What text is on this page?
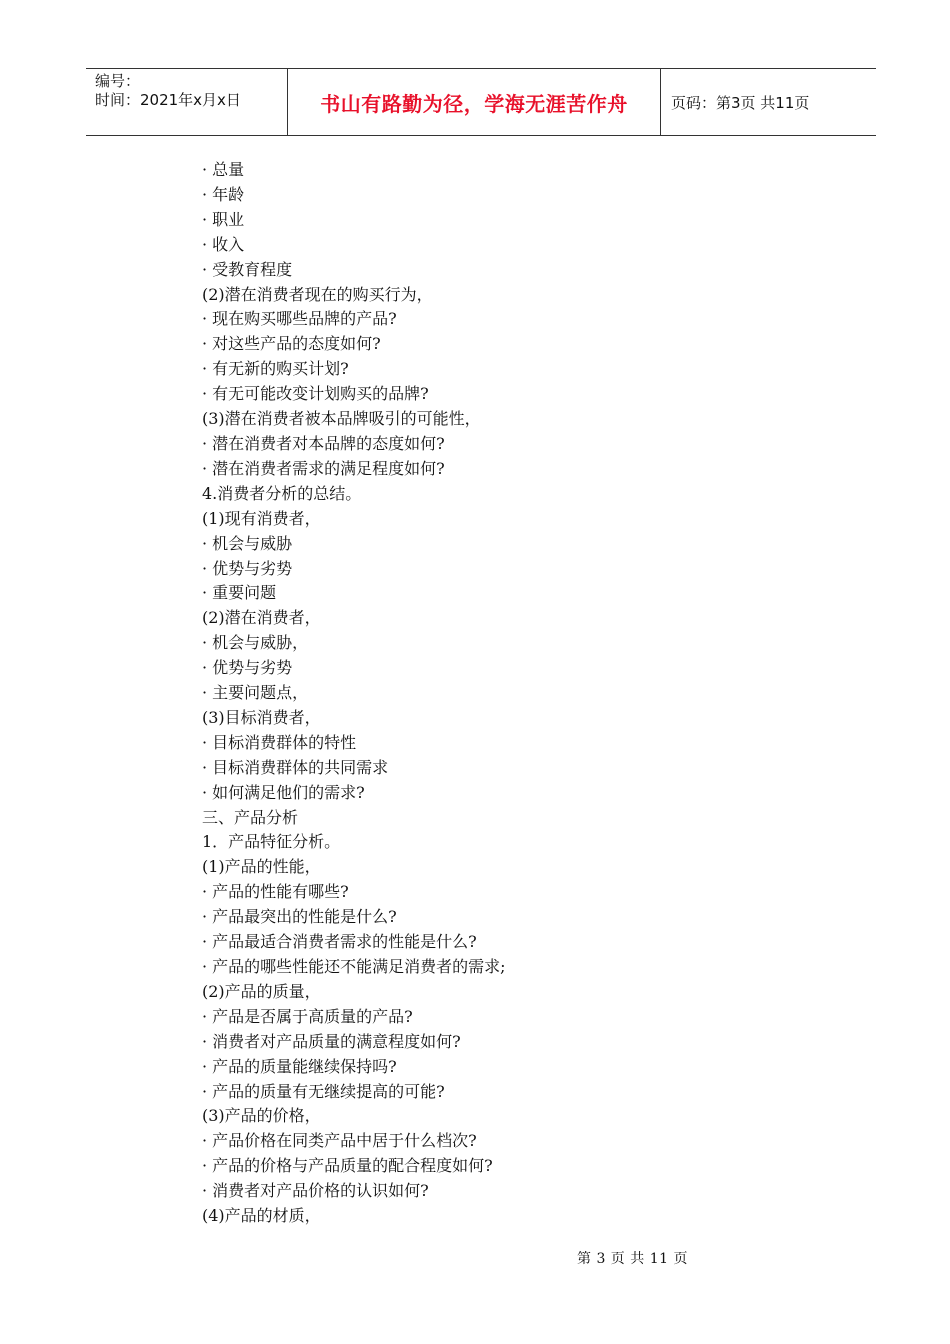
编号：
时间：2021年x月x日	书山有路勤为径，学海无涯苦作舟	页码：第3页 共11页
· 总量
· 年龄
· 职业
· 收入
· 受教育程度
(2)潜在消费者现在的购买行为，
· 现在购买哪些品牌的产品?
· 对这些产品的态度如何?
· 有无新的购买计划?
· 有无可能改变计划购买的品牌?
(3)潜在消费者被本品牌吸引的可能性，
· 潜在消费者对本品牌的态度如何?
· 潜在消费者需求的满足程度如何?
4.消费者分析的总结。
(1)现有消费者，
· 机会与威胁
· 优势与劣势
· 重要问题
(2)潜在消费者，
· 机会与威胁，
· 优势与劣势
· 主要问题点，
(3)目标消费者，
· 目标消费群体的特性
· 目标消费群体的共同需求
· 如何满足他们的需求?
三、产品分析
1．产品特征分析。
(1)产品的性能，
· 产品的性能有哪些?
· 产品最突出的性能是什么?
· 产品最适合消费者需求的性能是什么?
· 产品的哪些性能还不能满足消费者的需求;
(2)产品的质量，
· 产品是否属于高质量的产品?
· 消费者对产品质量的满意程度如何?
· 产品的质量能继续保持吗?
· 产品的质量有无继续提高的可能?
(3)产品的价格，
· 产品价格在同类产品中居于什么档次?
· 产品的价格与产品质量的配合程度如何?
· 消费者对产品价格的认识如何?
(4)产品的材质，
第 3 页 共 11 页
